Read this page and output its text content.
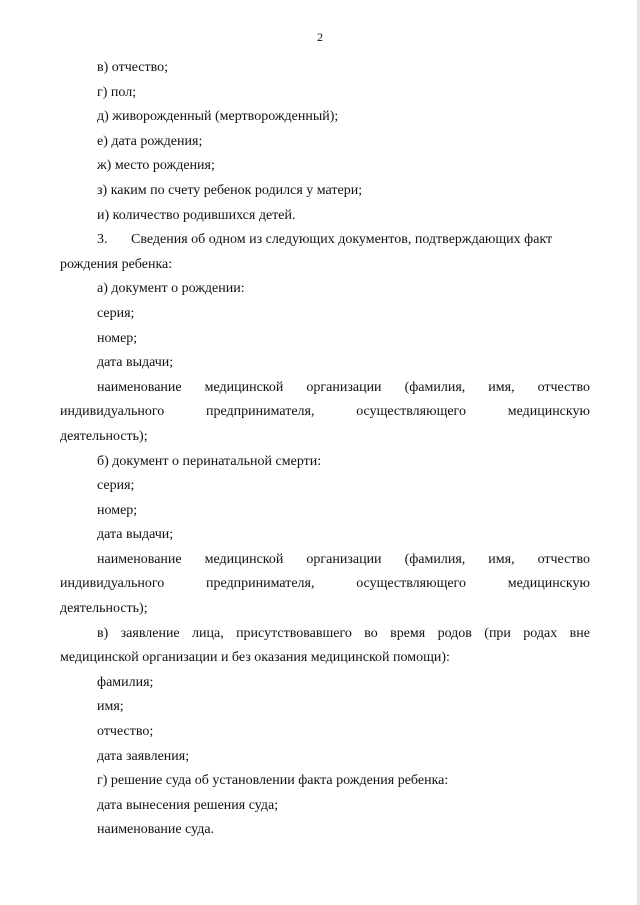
2
в) отчество;
г) пол;
д) живорожденный (мертворожденный);
е) дата рождения;
ж) место рождения;
з) каким по счету ребенок родился у матери;
и) количество родившихся детей.
3. Сведения об одном из следующих документов, подтверждающих факт
рождения ребенка:
а) документ о рождении:
серия;
номер;
дата выдачи;
наименование медицинской организации (фамилия, имя, отчество
индивидуального	предпринимателя,	осуществляющего	медицинскую
деятельность);
б) документ о перинатальной смерти:
серия;
номер;
дата выдачи;
наименование медицинской организации (фамилия, имя, отчество
индивидуального	предпринимателя,	осуществляющего	медицинскую
деятельность);
в) заявление лица, присутствовавшего во время родов (при родах вне
медицинской организации и без оказания медицинской помощи):
фамилия;
имя;
отчество;
дата заявления;
г) решение суда об установлении факта рождения ребенка:
дата вынесения решения суда;
наименование суда.
